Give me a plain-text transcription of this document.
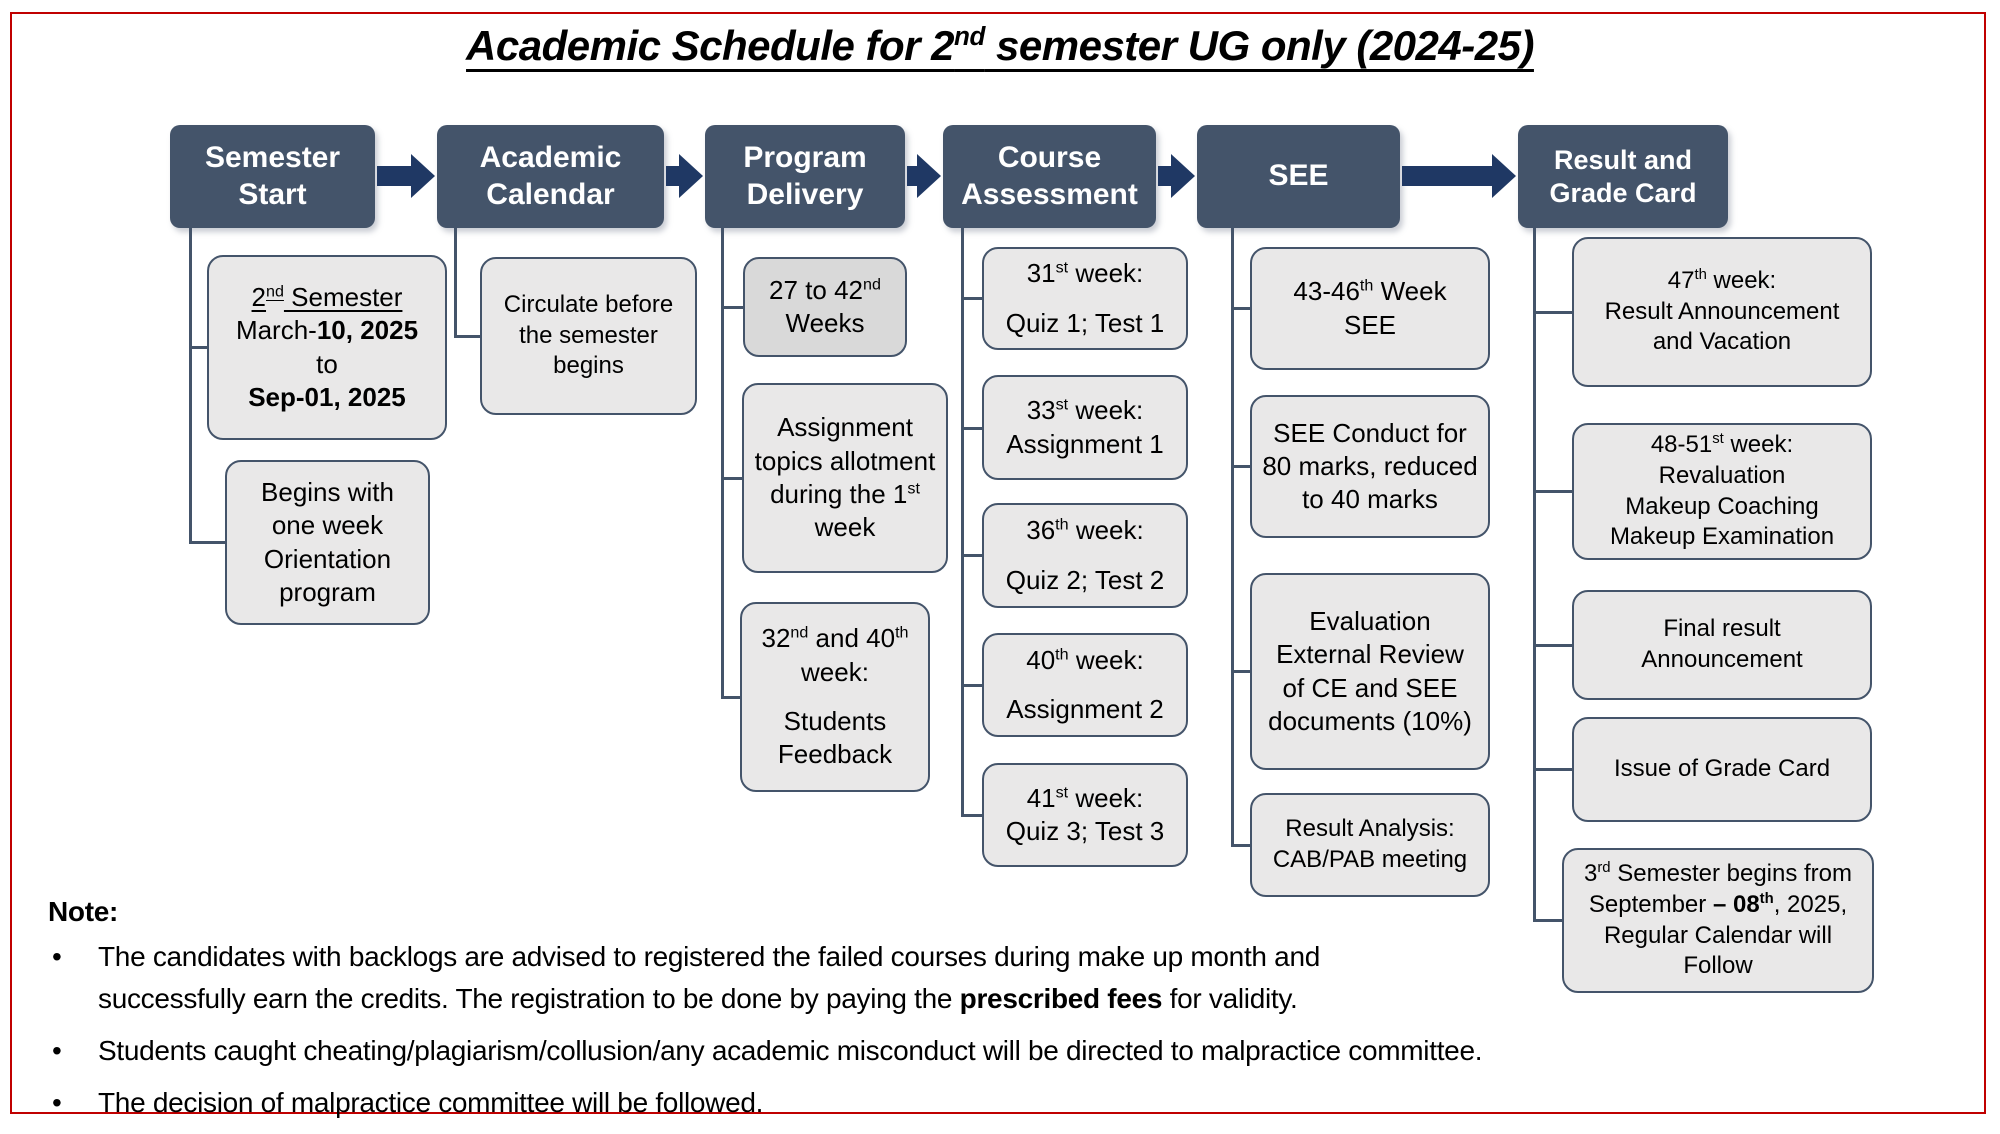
Academic Schedule for 2nd semester UG only (2024-25)
Semester Start
Academic Calendar
Program Delivery
Course Assessment
SEE	Result and Grade Card
2nd Semester
March-10, 2025
to
Sep-01, 2025
Begins with one week Orientation program
Circulate before the semester begins
27 to 42nd Weeks
Assignment topics allotment during the 1st week
32nd and 40th week:
Students Feedback
31st week:
Quiz 1; Test 1
33st week:
Assignment 1
36th week:
Quiz 2; Test 2
40th week:
Assignment 2
41st week:
Quiz 3; Test 3
43-46th Week
SEE
SEE Conduct for 80 marks, reduced to 40 marks
Evaluation External Review of CE and SEE documents (10%)
Result Analysis: CAB/PAB meeting
47th week:
Result Announcement and Vacation
48-51st week:
Revaluation
Makeup Coaching
Makeup Examination
Final result Announcement
Issue of Grade Card
3rd Semester begins from September – 08th, 2025, Regular Calendar will Follow
Note:
•	The candidates with backlogs are advised to registered the failed courses during make up month and successfully earn the credits. The registration to be done by paying the prescribed fees for validity.
•	Students caught cheating/plagiarism/collusion/any academic misconduct will be directed to malpractice committee.
•	The decision of malpractice committee will be followed.
